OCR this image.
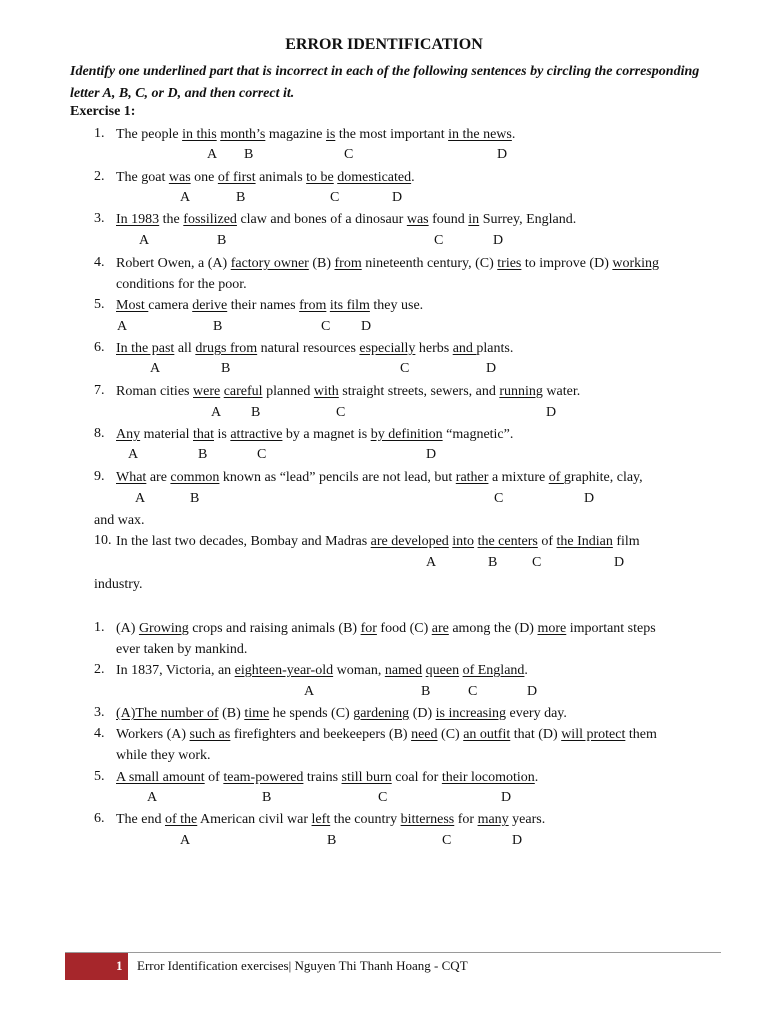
ERROR IDENTIFICATION
Identify one underlined part that is incorrect in each of the following sentences by circling the corresponding letter A, B, C, or D, and then correct it.
Exercise 1:
1. The people in this month’s magazine is the most important in the news.
A B	C	D
2. The goat was one of first animals to be domesticated.
A	B	C	D
3. In 1983 the fossilized claw and bones of a dinosaur was found in Surrey, England.
A	B	C	D
4. Robert Owen, a (A) factory owner (B) from nineteenth century, (C) tries to improve (D) working
conditions for the poor.
5. Most camera derive their names from its film they use.
A	B	C D
6. In the past all drugs from natural resources especially herbs and plants.
A	B	C	D
7. Roman cities were careful planned with straight streets, sewers, and running water.
A B	C	D
8. Any material that is attractive by a magnet is by definition “magnetic”.
A	B	C	D
9. What are common known as “lead” pencils are not lead, but rather a mixture of graphite, clay,
A	B	C	D
and wax.
10. In the last two decades, Bombay and Madras are developed into the centers of the Indian film
A	B C	D
industry.
1. (A) Growing crops and raising animals (B) for food (C) are among the (D) more important steps
ever taken by mankind.
2. In 1837, Victoria, an eighteen-year-old woman, named queen of England.
A	B	C	D
3. (A)The number of (B) time he spends (C) gardening (D) is increasing every day.
4. Workers (A) such as firefighters and beekeepers (B) need (C) an outfit that (D) will protect them
while they work.
5. A small amount of team-powered trains still burn coal for their locomotion.
A	B	C	D
6. The end of the American civil war left the country bitterness for many years.
A	B	C	D
1 Error Identification exercises| Nguyen Thi Thanh Hoang - CQT
